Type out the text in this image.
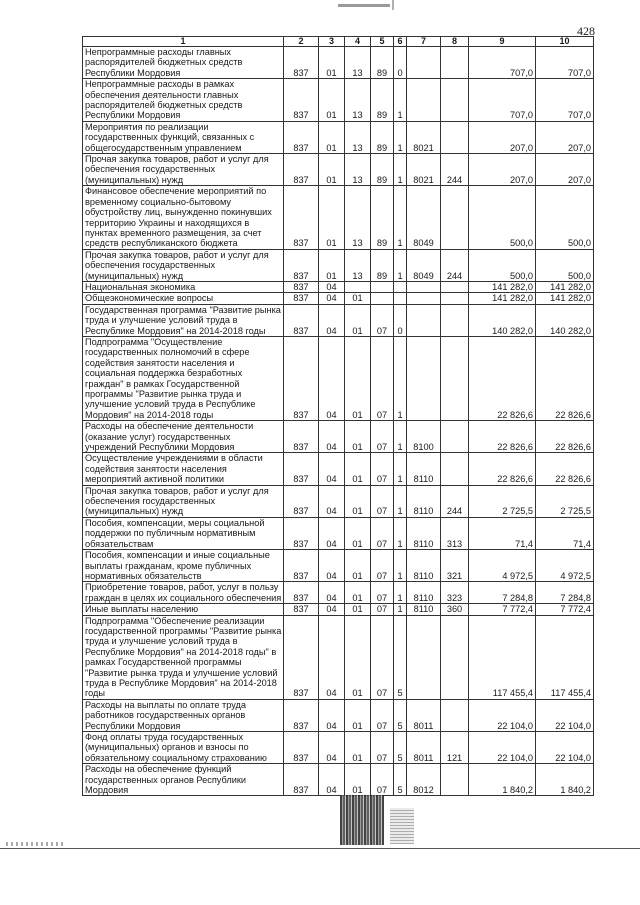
428
1	2	3	4	5	6	7	8	9	10
Непрограммные расходы главных распорядителей бюджетных средств Республики Мордовия	837	01	13	89	0			707,0	707,0
Непрограммные расходы в рамках обеспечения деятельности главных распорядителей бюджетных средств Республики Мордовия	837	01	13	89	1			707,0	707,0
Мероприятия по реализации государственных функций, связанных с общегосударственным управлением	837	01	13	89	1	8021		207,0	207,0
Прочая закупка товаров, работ и услуг для обеспечения государственных (муниципальных) нужд	837	01	13	89	1	8021	244	207,0	207,0
Финансовое обеспечение мероприятий по временному социально-бытовому обустройству лиц, вынужденно покинувших территорию Украины и находящихся в пунктах временного размещения, за счет средств республиканского бюджета	837	01	13	89	1	8049		500,0	500,0
Прочая закупка товаров, работ и услуг для обеспечения государственных (муниципальных) нужд	837	01	13	89	1	8049	244	500,0	500,0
Национальная экономика	837	04						141 282,0	141 282,0
Общеэкономические вопросы	837	04	01					141 282,0	141 282,0
Государственная программа "Развитие рынка труда и улучшение условий труда в Республике Мордовия" на 2014-2018 годы	837	04	01	07	0			140 282,0	140 282,0
Подпрограмма "Осуществление государственных полномочий в сфере содействия занятости населения и социальная поддержка безработных граждан" в рамках Государственной программы "Развитие рынка труда и улучшение условий труда в Республике Мордовия" на 2014-2018 годы	837	04	01	07	1			22 826,6	22 826,6
Расходы на обеспечение деятельности (оказание услуг) государственных учреждений Республики Мордовия	837	04	01	07	1	8100		22 826,6	22 826,6
Осуществление учреждениями в области содействия занятости населения мероприятий активной политики	837	04	01	07	1	8110		22 826,6	22 826,6
Прочая закупка товаров, работ и услуг для обеспечения государственных (муниципальных) нужд	837	04	01	07	1	8110	244	2 725,5	2 725,5
Пособия, компенсации, меры социальной поддержки по публичным нормативным обязательствам	837	04	01	07	1	8110	313	71,4	71,4
Пособия, компенсации и иные социальные выплаты гражданам, кроме публичных нормативных обязательств	837	04	01	07	1	8110	321	4 972,5	4 972,5
Приобретение товаров, работ, услуг в пользу граждан в целях их социального обеспечения	837	04	01	07	1	8110	323	7 284,8	7 284,8
Иные выплаты населению	837	04	01	07	1	8110	360	7 772,4	7 772,4
Подпрограмма "Обеспечение реализации государственной программы "Развитие рынка труда и улучшение условий труда в Республике Мордовия" на 2014-2018 годы" в рамках Государственной программы "Развитие рынка труда и улучшение условий труда в Республике Мордовия" на 2014-2018 годы	837	04	01	07	5			117 455,4	117 455,4
Расходы на выплаты по оплате труда работников государственных органов Республики Мордовия	837	04	01	07	5	8011		22 104,0	22 104,0
Фонд оплаты труда государственных (муниципальных) органов и взносы по обязательному социальному страхованию	837	04	01	07	5	8011	121	22 104,0	22 104,0
Расходы на обеспечение функций государственных органов Республики Мордовия	837	04	01	07	5	8012		1 840,2	1 840,2
